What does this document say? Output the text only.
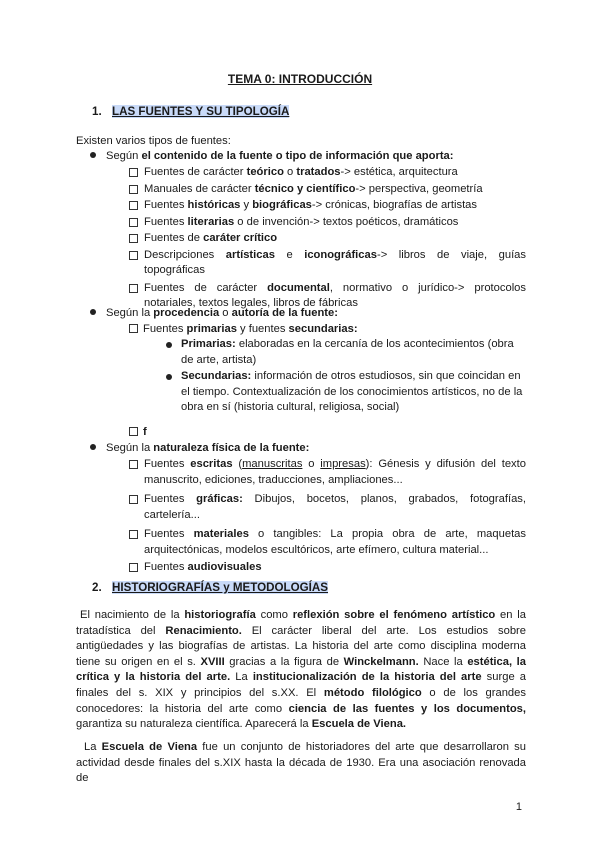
TEMA 0: INTRODUCCIÓN
1. LAS FUENTES Y SU TIPOLOGÍA
Existen varios tipos de fuentes:
Según el contenido de la fuente o tipo de información que aporta:
Fuentes de carácter teórico o tratados-> estética, arquitectura
Manuales de carácter técnico y científico-> perspectiva, geometría
Fuentes históricas y biográficas-> crónicas, biografías de artistas
Fuentes literarias o de invención-> textos poéticos, dramáticos
Fuentes de caráter crítico
Descripciones artísticas e iconográficas-> libros de viaje, guías topográficas
Fuentes de carácter documental, normativo o jurídico-> protocolos notariales, textos legales, libros de fábricas
Según la procedencia o autoría de la fuente:
Fuentes primarias y fuentes secundarias:
Primarias: elaboradas en la cercanía de los acontecimientos (obra de arte, artista)
Secundarias: información de otros estudiosos, sin que coincidan en el tiempo. Contextualización de los conocimientos artísticos, no de la obra en sí (historia cultural, religiosa, social)
f
Según la naturaleza física de la fuente:
Fuentes escritas (manuscritas o impresas): Génesis y difusión del texto manuscrito, ediciones, traducciones, ampliaciones...
Fuentes gráficas: Dibujos, bocetos, planos, grabados, fotografías, cartelería...
Fuentes materiales o tangibles: La propia obra de arte, maquetas arquitectónicas, modelos escultóricos, arte efímero, cultura material...
Fuentes audiovisuales
2. HISTORIOGRAFÍAS y METODOLOGÍAS
El nacimiento de la historiografía como reflexión sobre el fenómeno artístico en la tratadística del Renacimiento. El carácter liberal del arte. Los estudios sobre antigüedades y las biografías de artistas. La historia del arte como disciplina moderna tiene su origen en el s. XVIII gracias a la figura de Winckelmann. Nace la estética, la crítica y la historia del arte. La institucionalización de la historia del arte surge a finales del s. XIX y principios del s.XX. El método filológico o de los grandes conocedores: la historia del arte como ciencia de las fuentes y los documentos, garantiza su naturaleza científica. Aparecerá la Escuela de Viena.
La Escuela de Viena fue un conjunto de historiadores del arte que desarrollaron su actividad desde finales del s.XIX hasta la década de 1930. Era una asociación renovada de
1
